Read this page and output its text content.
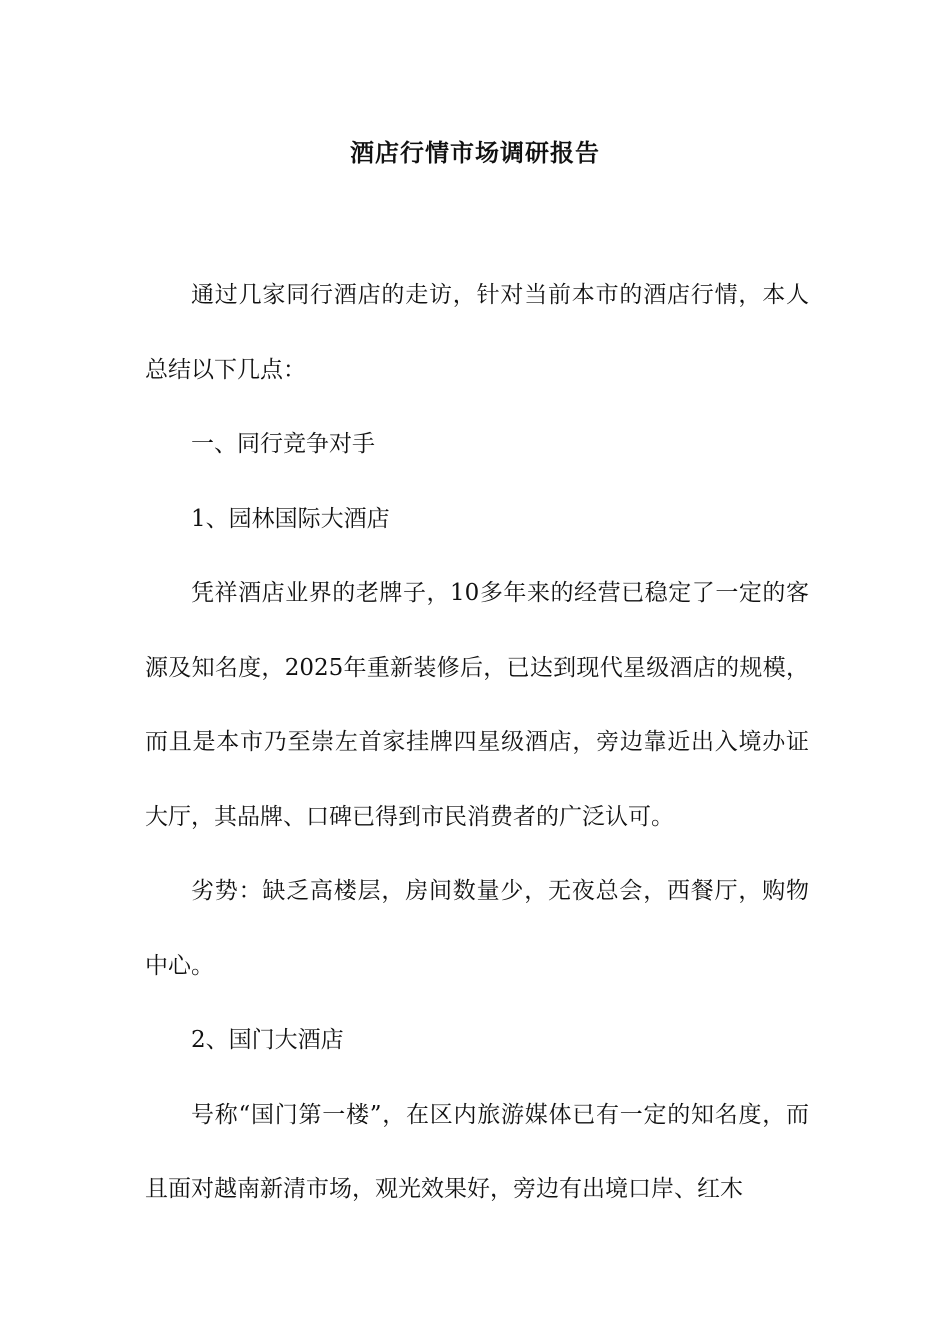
酒店行情市场调研报告

通过几家同行酒店的走访，针对当前本市的酒店行情，本人总结以下几点：

一、同行竞争对手

1、园林国际大酒店

凭祥酒店业界的老牌子，10多年来的经营已稳定了一定的客源及知名度，2025年重新装修后，已达到现代星级酒店的规模，而且是本市乃至崇左首家挂牌四星级酒店，旁边靠近出入境办证大厅，其品牌、口碑已得到市民消费者的广泛认可。

劣势：缺乏高楼层，房间数量少，无夜总会，西餐厅，购物中心。

2、国门大酒店

号称“国门第一楼”，在区内旅游媒体已有一定的知名度，而且面对越南新清市场，观光效果好，旁边有出境口岸、红木
